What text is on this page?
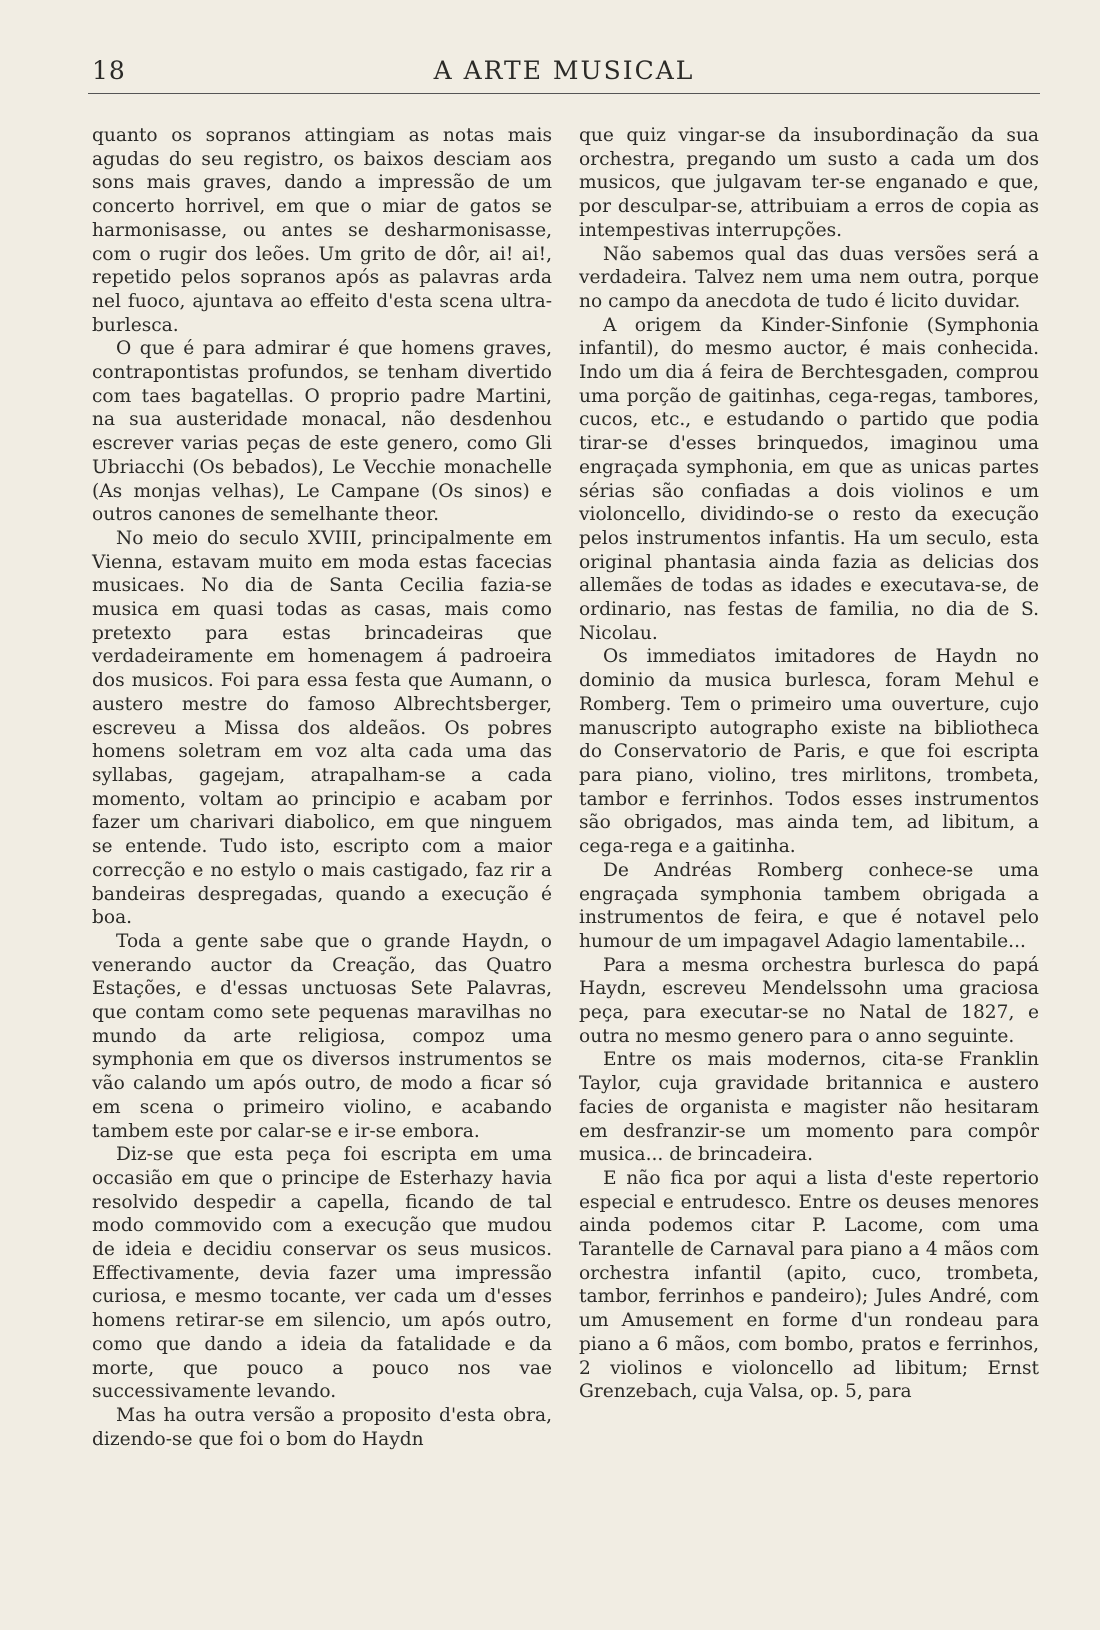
18	A ARTE MUSICAL

quanto os sopranos attingiam as notas mais agudas do seu registro, os baixos desciam aos sons mais graves, dando a impressão de um concerto horrivel, em que o miar de gatos se harmonisasse, ou antes se desharmonisasse, com o rugir dos leões. Um grito de dôr, ai! ai!, repetido pelos sopranos após as palavras arda nel fuoco, ajuntava ao effeito d'esta scena ultra-burlesca.

O que é para admirar é que homens graves, contrapontistas profundos, se tenham divertido com taes bagatellas. O proprio padre Martini, na sua austeridade monacal, não desdenhou escrever varias peças de este genero, como Gli Ubriacchi (Os bebados), Le Vecchie monachelle (As monjas velhas), Le Campane (Os sinos) e outros canones de semelhante theor.

No meio do seculo XVIII, principalmente em Vienna, estavam muito em moda estas facecias musicaes. No dia de Santa Cecilia fazia-se musica em quasi todas as casas, mais como pretexto para estas brincadeiras que verdadeiramente em homenagem á padroeira dos musicos. Foi para essa festa que Aumann, o austero mestre do famoso Albrechtsberger, escreveu a Missa dos aldeãos. Os pobres homens soletram em voz alta cada uma das syllabas, gagejam, atrapalham-se a cada momento, voltam ao principio e acabam por fazer um charivari diabolico, em que ninguem se entende. Tudo isto, escripto com a maior correcção e no estylo o mais castigado, faz rir a bandeiras despregadas, quando a execução é boa.

Toda a gente sabe que o grande Haydn, o venerando auctor da Creação, das Quatro Estações, e d'essas unctuosas Sete Palavras, que contam como sete pequenas maravilhas no mundo da arte religiosa, compoz uma symphonia em que os diversos instrumentos se vão calando um após outro, de modo a ficar só em scena o primeiro violino, e acabando tambem este por calar-se e ir-se embora.

Diz-se que esta peça foi escripta em uma occasião em que o principe de Esterhazy havia resolvido despedir a capella, ficando de tal modo commovido com a execução que mudou de ideia e decidiu conservar os seus musicos. Effectivamente, devia fazer uma impressão curiosa, e mesmo tocante, ver cada um d'esses homens retirar-se em silencio, um após outro, como que dando a ideia da fatalidade e da morte, que pouco a pouco nos vae successivamente levando.

Mas ha outra versão a proposito d'esta obra, dizendo-se que foi o bom do Haydn

que quiz vingar-se da insubordinação da sua orchestra, pregando um susto a cada um dos musicos, que julgavam ter-se enganado e que, por desculpar-se, attribuiam a erros de copia as intempestivas interrupções.

Não sabemos qual das duas versões será a verdadeira. Talvez nem uma nem outra, porque no campo da anecdota de tudo é licito duvidar.

A origem da Kinder-Sinfonie (Symphonia infantil), do mesmo auctor, é mais conhecida. Indo um dia á feira de Berchtesgaden, comprou uma porção de gaitinhas, cega-regas, tambores, cucos, etc., e estudando o partido que podia tirar-se d'esses brinquedos, imaginou uma engraçada symphonia, em que as unicas partes sérias são confiadas a dois violinos e um violoncello, dividindo-se o resto da execução pelos instrumentos infantis. Ha um seculo, esta original phantasia ainda fazia as delicias dos allemães de todas as idades e executava-se, de ordinario, nas festas de familia, no dia de S. Nicolau.

Os immediatos imitadores de Haydn no dominio da musica burlesca, foram Mehul e Romberg. Tem o primeiro uma ouverture, cujo manuscripto autographo existe na bibliotheca do Conservatorio de Paris, e que foi escripta para piano, violino, tres mirlitons, trombeta, tambor e ferrinhos. Todos esses instrumentos são obrigados, mas ainda tem, ad libitum, a cega-rega e a gaitinha.

De Andréas Romberg conhece-se uma engraçada symphonia tambem obrigada a instrumentos de feira, e que é notavel pelo humour de um impagavel Adagio lamentabile...

Para a mesma orchestra burlesca do papá Haydn, escreveu Mendelssohn uma graciosa peça, para executar-se no Natal de 1827, e outra no mesmo genero para o anno seguinte.

Entre os mais modernos, cita-se Franklin Taylor, cuja gravidade britannica e austero facies de organista e magister não hesitaram em desfranzir-se um momento para compôr musica... de brincadeira.

E não fica por aqui a lista d'este repertorio especial e entrudesco. Entre os deuses menores ainda podemos citar P. Lacome, com uma Tarantelle de Carnaval para piano a 4 mãos com orchestra infantil (apito, cuco, trombeta, tambor, ferrinhos e pandeiro); Jules André, com um Amusement en forme d'un rondeau para piano a 6 mãos, com bombo, pratos e ferrinhos, 2 violinos e violoncello ad libitum; Ernst Grenzebach, cuja Valsa, op. 5, para
